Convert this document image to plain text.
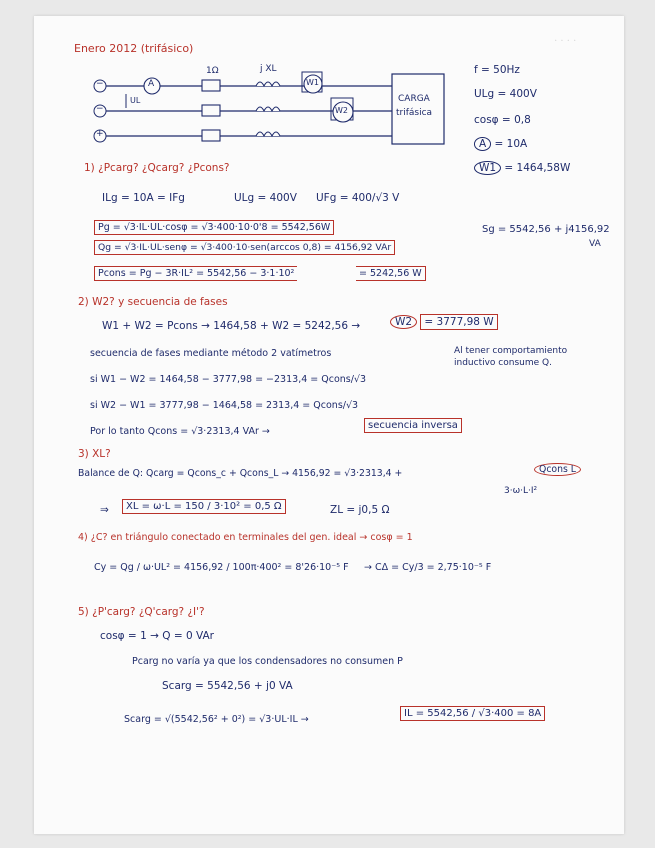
· · · ·
Enero 2012 (trifásico)
1Ω	j XL
A	W1
W2
UL
−
−
+
CARGA
trifásica
f = 50Hz
ULg = 400V
cosφ = 0,8
A = 10A
W1 = 1464,58W
1) ¿Pcarg? ¿Qcarg? ¿Pcons?
ILg = 10A = IFg	ULg = 400V UFg = 400/√3 V
Pg = √3·IL·UL·cosφ = √3·400·10·0'8 = 5542,56W
Qg = √3·IL·UL·senφ = √3·400·10·sen(arccos 0,8) = 4156,92 VAr
Sg = 5542,56 + j4156,92
VA
Pcons = Pg − 3R·IL² = 5542,56 − 3·1·10²	= 5242,56 W
2) W2? y secuencia de fases
W1 + W2 = Pcons → 1464,58 + W2 = 5242,56 →	W2 = 3777,98 W
secuencia de fases mediante método 2 vatímetros	Al tener comportamiento
inductivo consume Q.
si W1 − W2 = 1464,58 − 3777,98 = −2313,4 = Qcons/√3
si W2 − W1 = 3777,98 − 1464,58 = 2313,4 = Qcons/√3
Por lo tanto Qcons = √3·2313,4 VAr →
secuencia inversa
3) XL?
Balance de Q: Qcarg = Qcons_c + Qcons_L → 4156,92 = √3·2313,4 +	Qcons L
3·ω·L·I²
⇒	XL = ω·L = 150 / 3·10² = 0,5 Ω	ZL = j0,5 Ω
4) ¿C? en triángulo conectado en terminales del gen. ideal → cosφ = 1
Cy = Qg / ω·UL² = 4156,92 / 100π·400² = 8'26·10⁻⁵ F → CΔ = Cy/3 = 2,75·10⁻⁵ F
5) ¿P'carg? ¿Q'carg? ¿I'?
cosφ = 1 → Q = 0 VAr
Pcarg no varía ya que los condensadores no consumen P
Scarg = 5542,56 + j0 VA
Scarg = √(5542,56² + 0²) = √3·UL·IL →
IL = 5542,56 / √3·400 = 8A
